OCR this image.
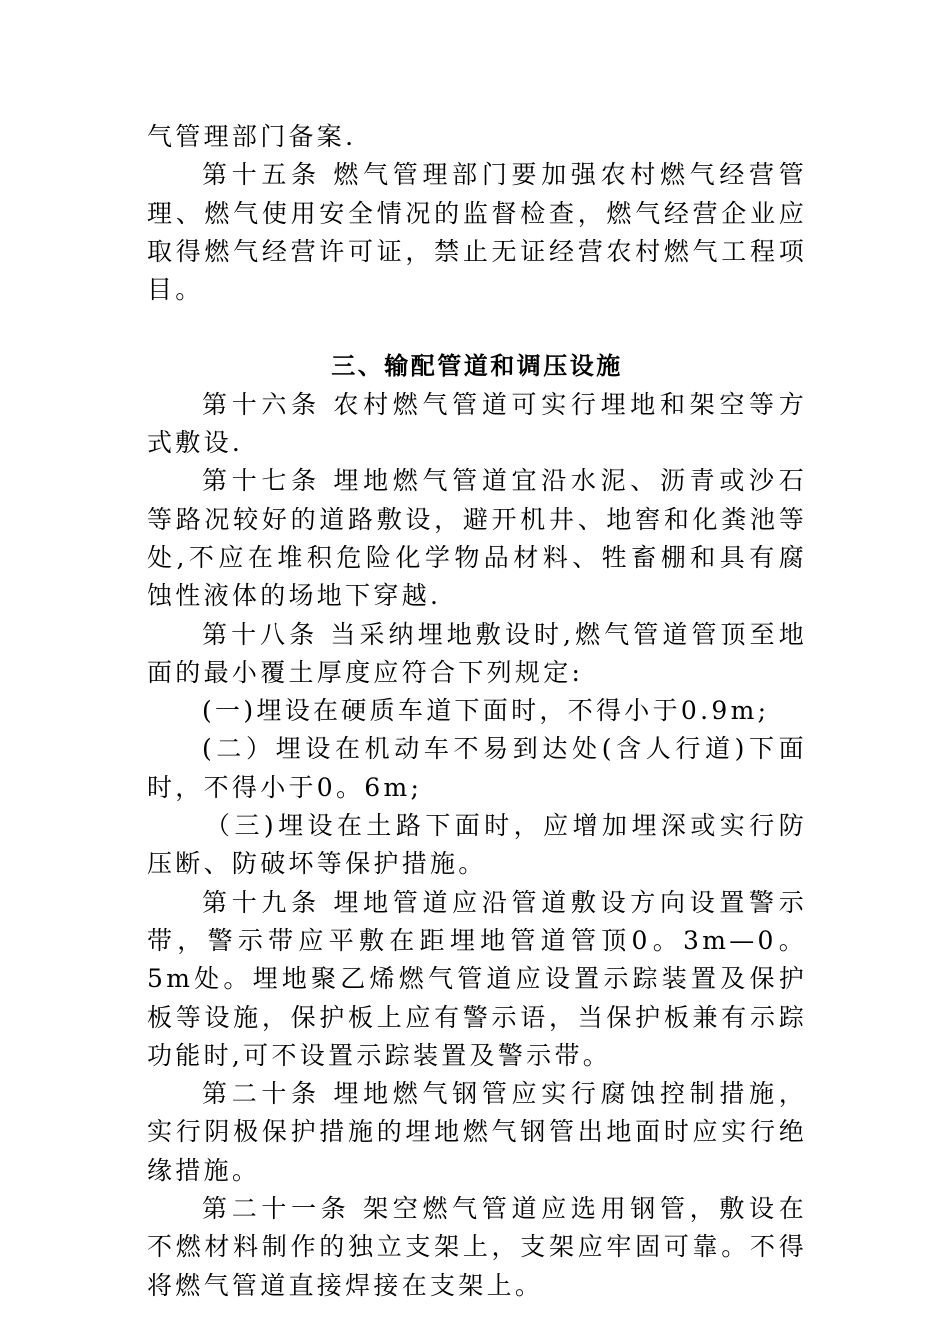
气管理部门备案.

第十五条 燃气管理部门要加强农村燃气经营管理、燃气使用安全情况的监督检查，燃气经营企业应取得燃气经营许可证，禁止无证经营农村燃气工程项目。

三、输配管道和调压设施

第十六条 农村燃气管道可实行埋地和架空等方式敷设.

第十七条 埋地燃气管道宜沿水泥、沥青或沙石等路况较好的道路敷设，避开机井、地窖和化粪池等处,不应在堆积危险化学物品材料、牲畜棚和具有腐蚀性液体的场地下穿越.

第十八条 当采纳埋地敷设时,燃气管道管顶至地面的最小覆土厚度应符合下列规定:

(一)埋设在硬质车道下面时，不得小于0.9m;

(二）埋设在机动车不易到达处(含人行道)下面时，不得小于0。6m;

（三)埋设在土路下面时，应增加埋深或实行防压断、防破坏等保护措施。

第十九条 埋地管道应沿管道敷设方向设置警示带，警示带应平敷在距埋地管道管顶0。3m—0。5m处。埋地聚乙烯燃气管道应设置示踪装置及保护板等设施，保护板上应有警示语，当保护板兼有示踪功能时,可不设置示踪装置及警示带。

第二十条 埋地燃气钢管应实行腐蚀控制措施，实行阴极保护措施的埋地燃气钢管出地面时应实行绝缘措施。

第二十一条 架空燃气管道应选用钢管，敷设在不燃材料制作的独立支架上，支架应牢固可靠。不得将燃气管道直接焊接在支架上。
